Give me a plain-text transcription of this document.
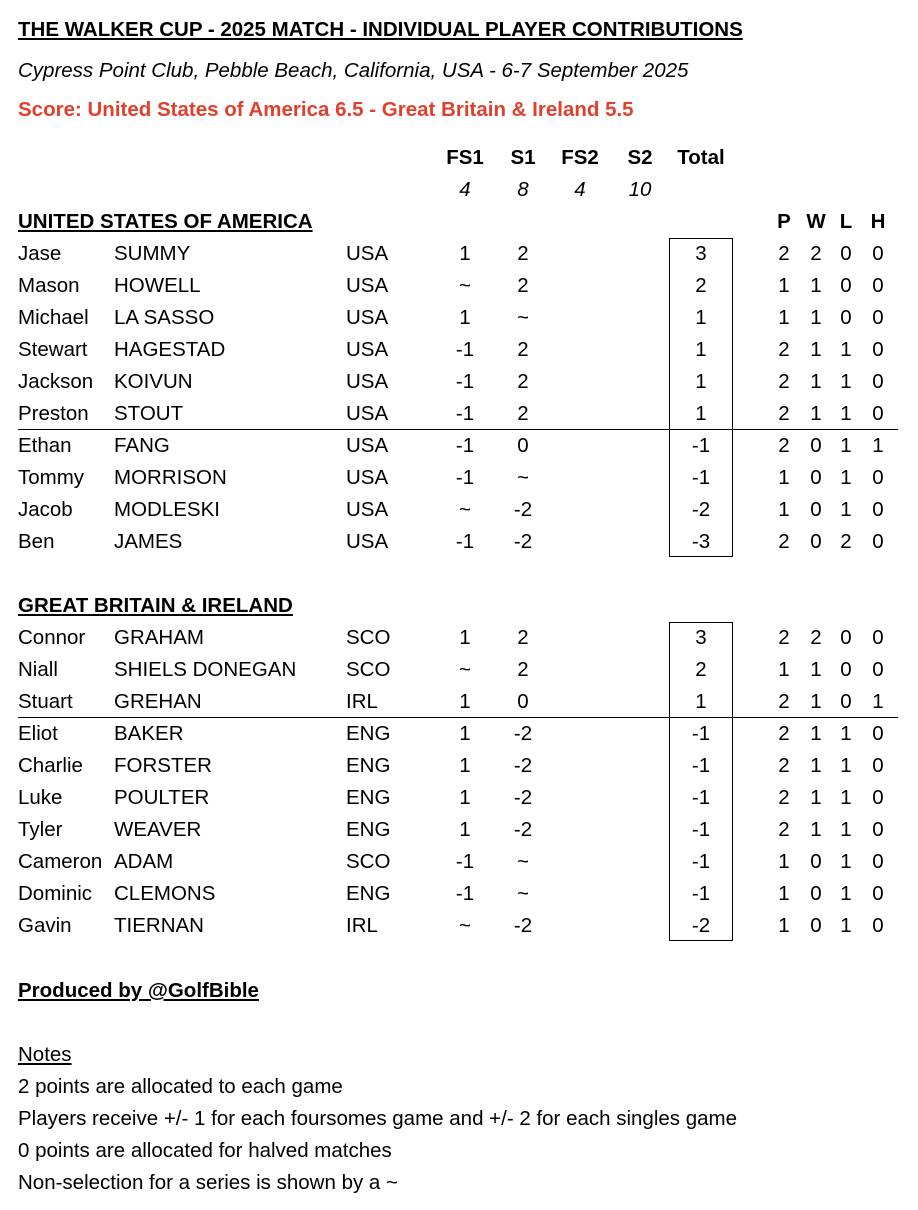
THE WALKER CUP - 2025 MATCH - INDIVIDUAL PLAYER CONTRIBUTIONS
Cypress Point Club, Pebble Beach, California, USA - 6-7 September 2025
Score: United States of America 6.5 - Great Britain & Ireland 5.5
FS1	S1	FS2	S2	Total
4	8	4	10
UNITED STATES OF AMERICA	P W L H
Jase	SUMMY	USA	1	2	3	2 2 0 0
Mason HOWELL	USA	~	2	2	1 1 0 0
Michael LA SASSO	USA	1	~	1	1 1 0 0
Stewart HAGESTAD	USA	-1	2	1	2 1 1 0
Jackson KOIVUN	USA	-1	2	1	2 1 1 0
Preston STOUT	USA	-1	2	1	2 1 1 0
Ethan FANG	USA	-1	0	-1	2 0 1 1
Tommy MORRISON	USA	-1	~	-1	1 0 1 0
Jacob MODLESKI	USA	~	-2	-2	1 0 1 0
Ben	JAMES	USA	-1	-2	-3	2 0 2 0
GREAT BRITAIN & IRELAND
Connor GRAHAM	SCO	1	2	3	2 2 0 0
Niall	SHIELS DONEGAN SCO	~	2	2	1 1 0 0
Stuart GREHAN	IRL	1	0	1	2 1 0 1
Eliot	BAKER	ENG	1	-2	-1	2 1 1 0
Charlie FORSTER	ENG	1	-2	-1	2 1 1 0
Luke	POULTER	ENG	1	-2	-1	2 1 1 0
Tyler	WEAVER	ENG	1	-2	-1	2 1 1 0
Cameron ADAM	SCO	-1	~	-1	1 0 1 0
Dominic CLEMONS	ENG	-1	~	-1	1 0 1 0
Gavin TIERNAN	IRL	~	-2	-2	1 0 1 0
Produced by @GolfBible
Notes
2 points are allocated to each game
Players receive +/- 1 for each foursomes game and +/- 2 for each singles game
0 points are allocated for halved matches
Non-selection for a series is shown by a ~
